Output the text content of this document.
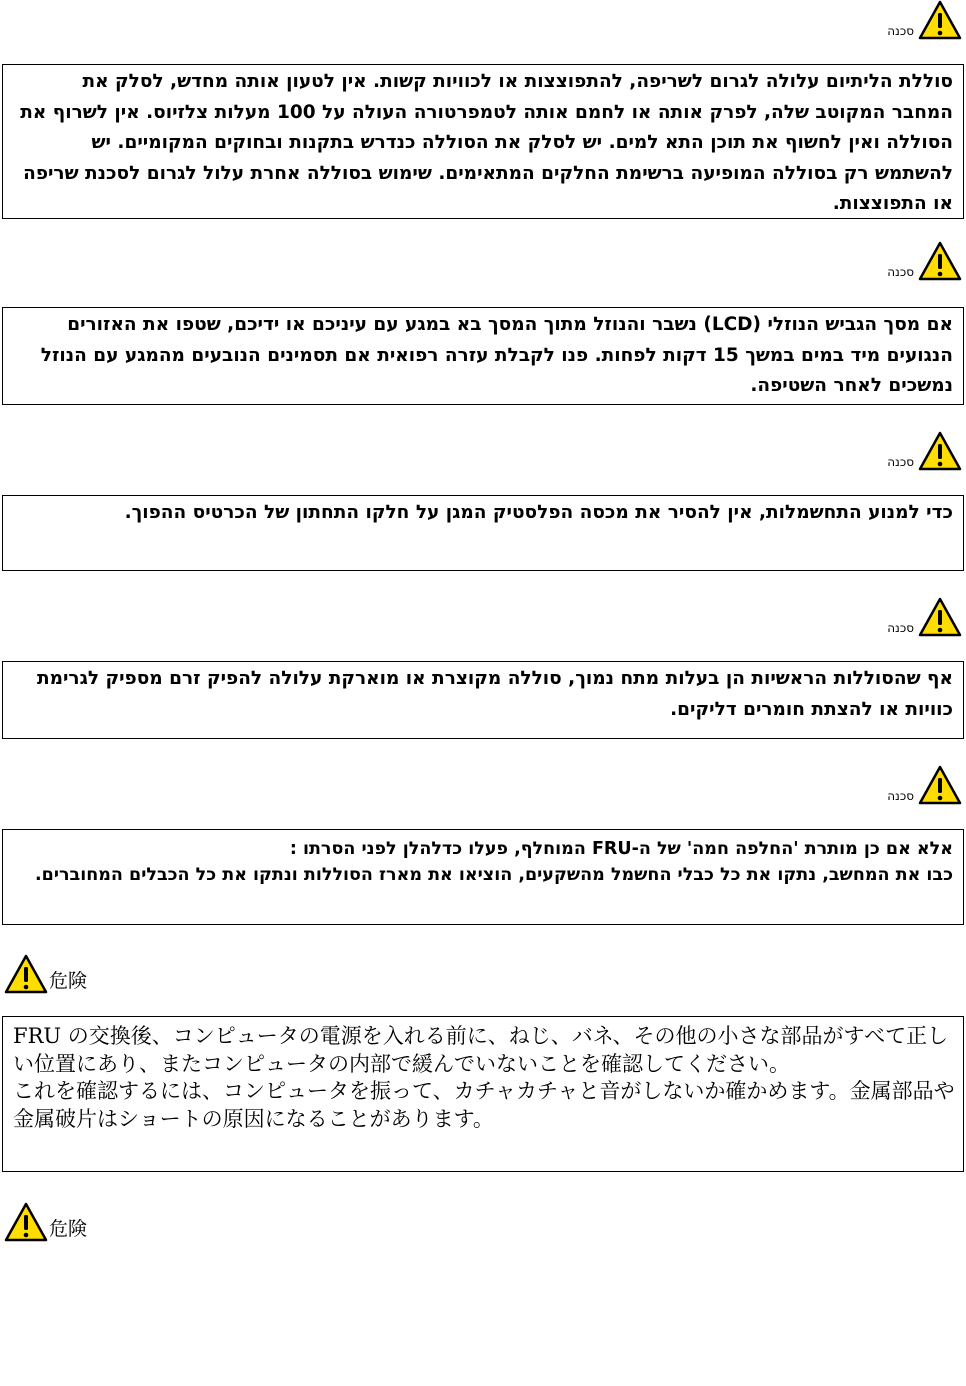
סכנה
סוללת הליתיום עלולה לגרום לשריפה, להתפוצצות או לכוויות קשות. אין לטעון אותה מחדש, לסלק את המחבר המקוטב שלה, לפרק אותה או לחמם אותה לטמפרטורה העולה על 100 מעלות צלזיוס. אין לשרוף את הסוללה ואין לחשוף את תוכן התא למים. יש לסלק את הסוללה כנדרש בתקנות ובחוקים המקומיים. יש להשתמש רק בסוללה המופיעה ברשימת החלקים המתאימים. שימוש בסוללה אחרת עלול לגרום לסכנת שריפה או התפוצצות.
סכנה
אם מסך הגביש הנוזלי (LCD) נשבר והנוזל מתוך המסך בא במגע עם עיניכם או ידיכם, שטפו את האזורים הנגועים מיד במים במשך 15 דקות לפחות. פנו לקבלת עזרה רפואית אם תסמינים הנובעים מהמגע עם הנוזל נמשכים לאחר השטיפה.
סכנה
כדי למנוע התחשמלות, אין להסיר את מכסה הפלסטיק המגן על חלקו התחתון של הכרטיס ההפוך.
סכנה
אף שהסוללות הראשיות הן בעלות מתח נמוך, סוללה מקוצרת או מוארקת עלולה להפיק זרם מספיק לגרימת כוויות או להצתת חומרים דליקים.
סכנה
אלא אם כן מותרת 'החלפה חמה' של ה-FRU המוחלף, פעלו כדלהלן לפני הסרתו :
כבו את המחשב, נתקו את כל כבלי החשמל מהשקעים, הוציאו את מארז הסוללות ונתקו את כל הכבלים המחוברים.
危険

FRU の交換後、コンピュータの電源を入れる前に、ねじ、バネ、その他の小さな部品がすべて正しい位置にあり、またコンピュータの内部で緩んでいないことを確認してください。

これを確認するには、コンピュータを振って、カチャカチャと音がしないか確かめます。金属部品や金属破片はショートの原因になることがあります。

危険
